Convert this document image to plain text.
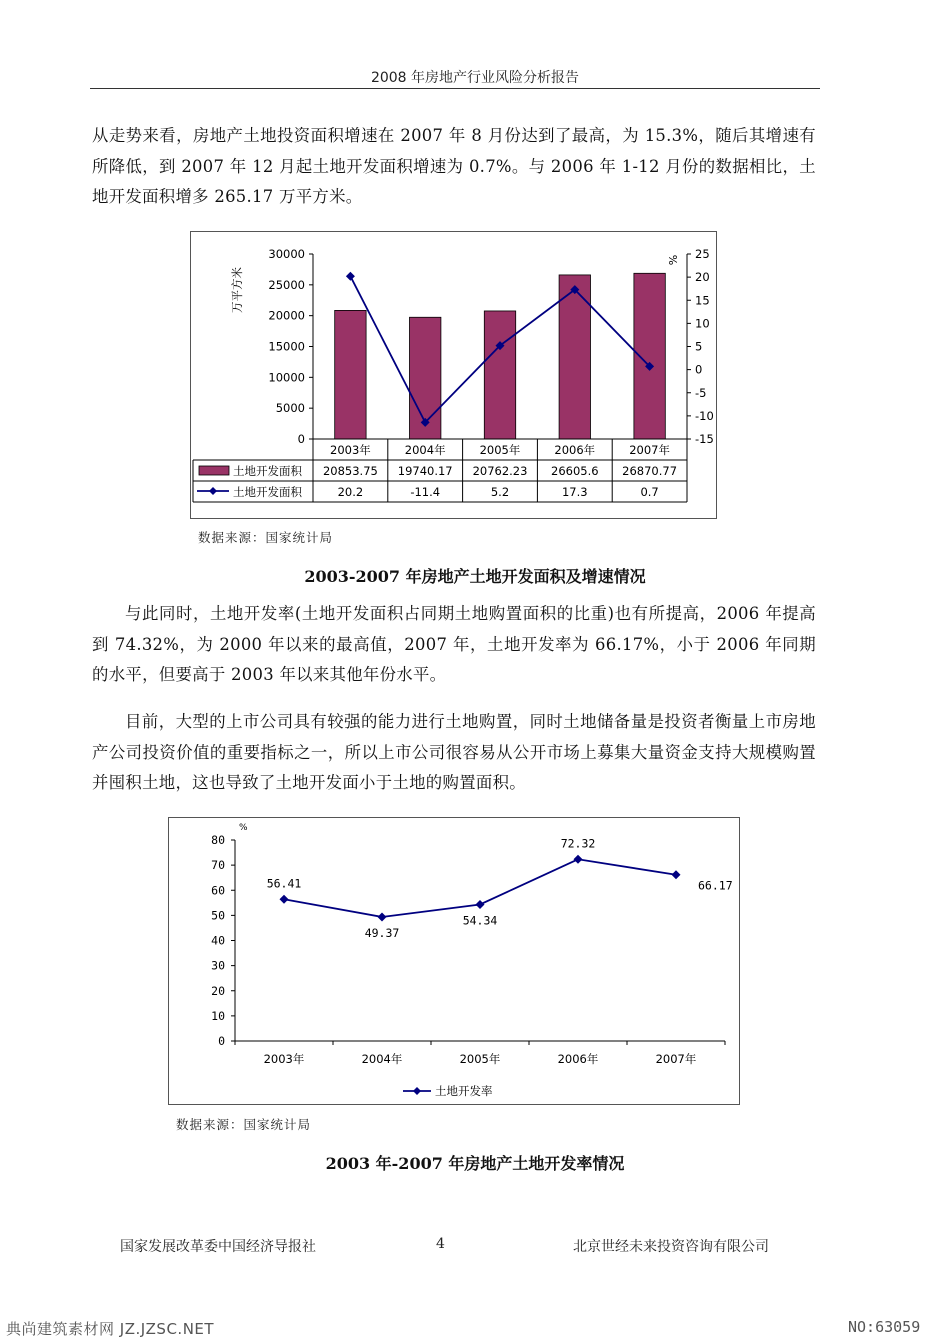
2008 年房地产行业风险分析报告

从走势来看，房地产土地投资面积增速在 2007 年 8 月份达到了最高，为 15.3%，随后其增速有所降低，到 2007 年 12 月起土地开发面积增速为 0.7%。与 2006 年 1-12 月份的数据相比，土地开发面积增多 265.17 万平方米。

30000
25000
20000
15000
10000
5000
0
25
20
15
10
5
0
-5
-10
-15
万平方米
%
2003年	2004年	2005年	2006年	2007年
土地开发面积 20853.75 19740.17 20762.23 26605.6 26870.77
土地开发面积	20.2	-11.4	5.2	17.3	0.7
数据来源：国家统计局
2003-2007 年房地产土地开发面积及增速情况

与此同时，土地开发率(土地开发面积占同期土地购置面积的比重)也有所提高，2006 年提高到 74.32%，为 2000 年以来的最高值，2007 年，土地开发率为 66.17%，小于 2006 年同期的水平，但要高于 2003 年以来其他年份水平。

目前，大型的上市公司具有较强的能力进行土地购置，同时土地储备量是投资者衡量上市房地产公司投资价值的重要指标之一，所以上市公司很容易从公开市场上募集大量资金支持大规模购置并囤积土地，这也导致了土地开发面小于土地的购置面积。

80
70
60
50
40
30
20
10
0
%
2003年	2004年	2005年	2006年	2007年
56.41
49.37
54.34
72.32
66.17
土地开发率
数据来源：国家统计局
2003 年-2007 年房地产土地开发率情况
国家发展改革委中国经济导报社	4	北京世经未来投资咨询有限公司
典尚建筑素材网 JZ.JZSC.NET	NO:63059
